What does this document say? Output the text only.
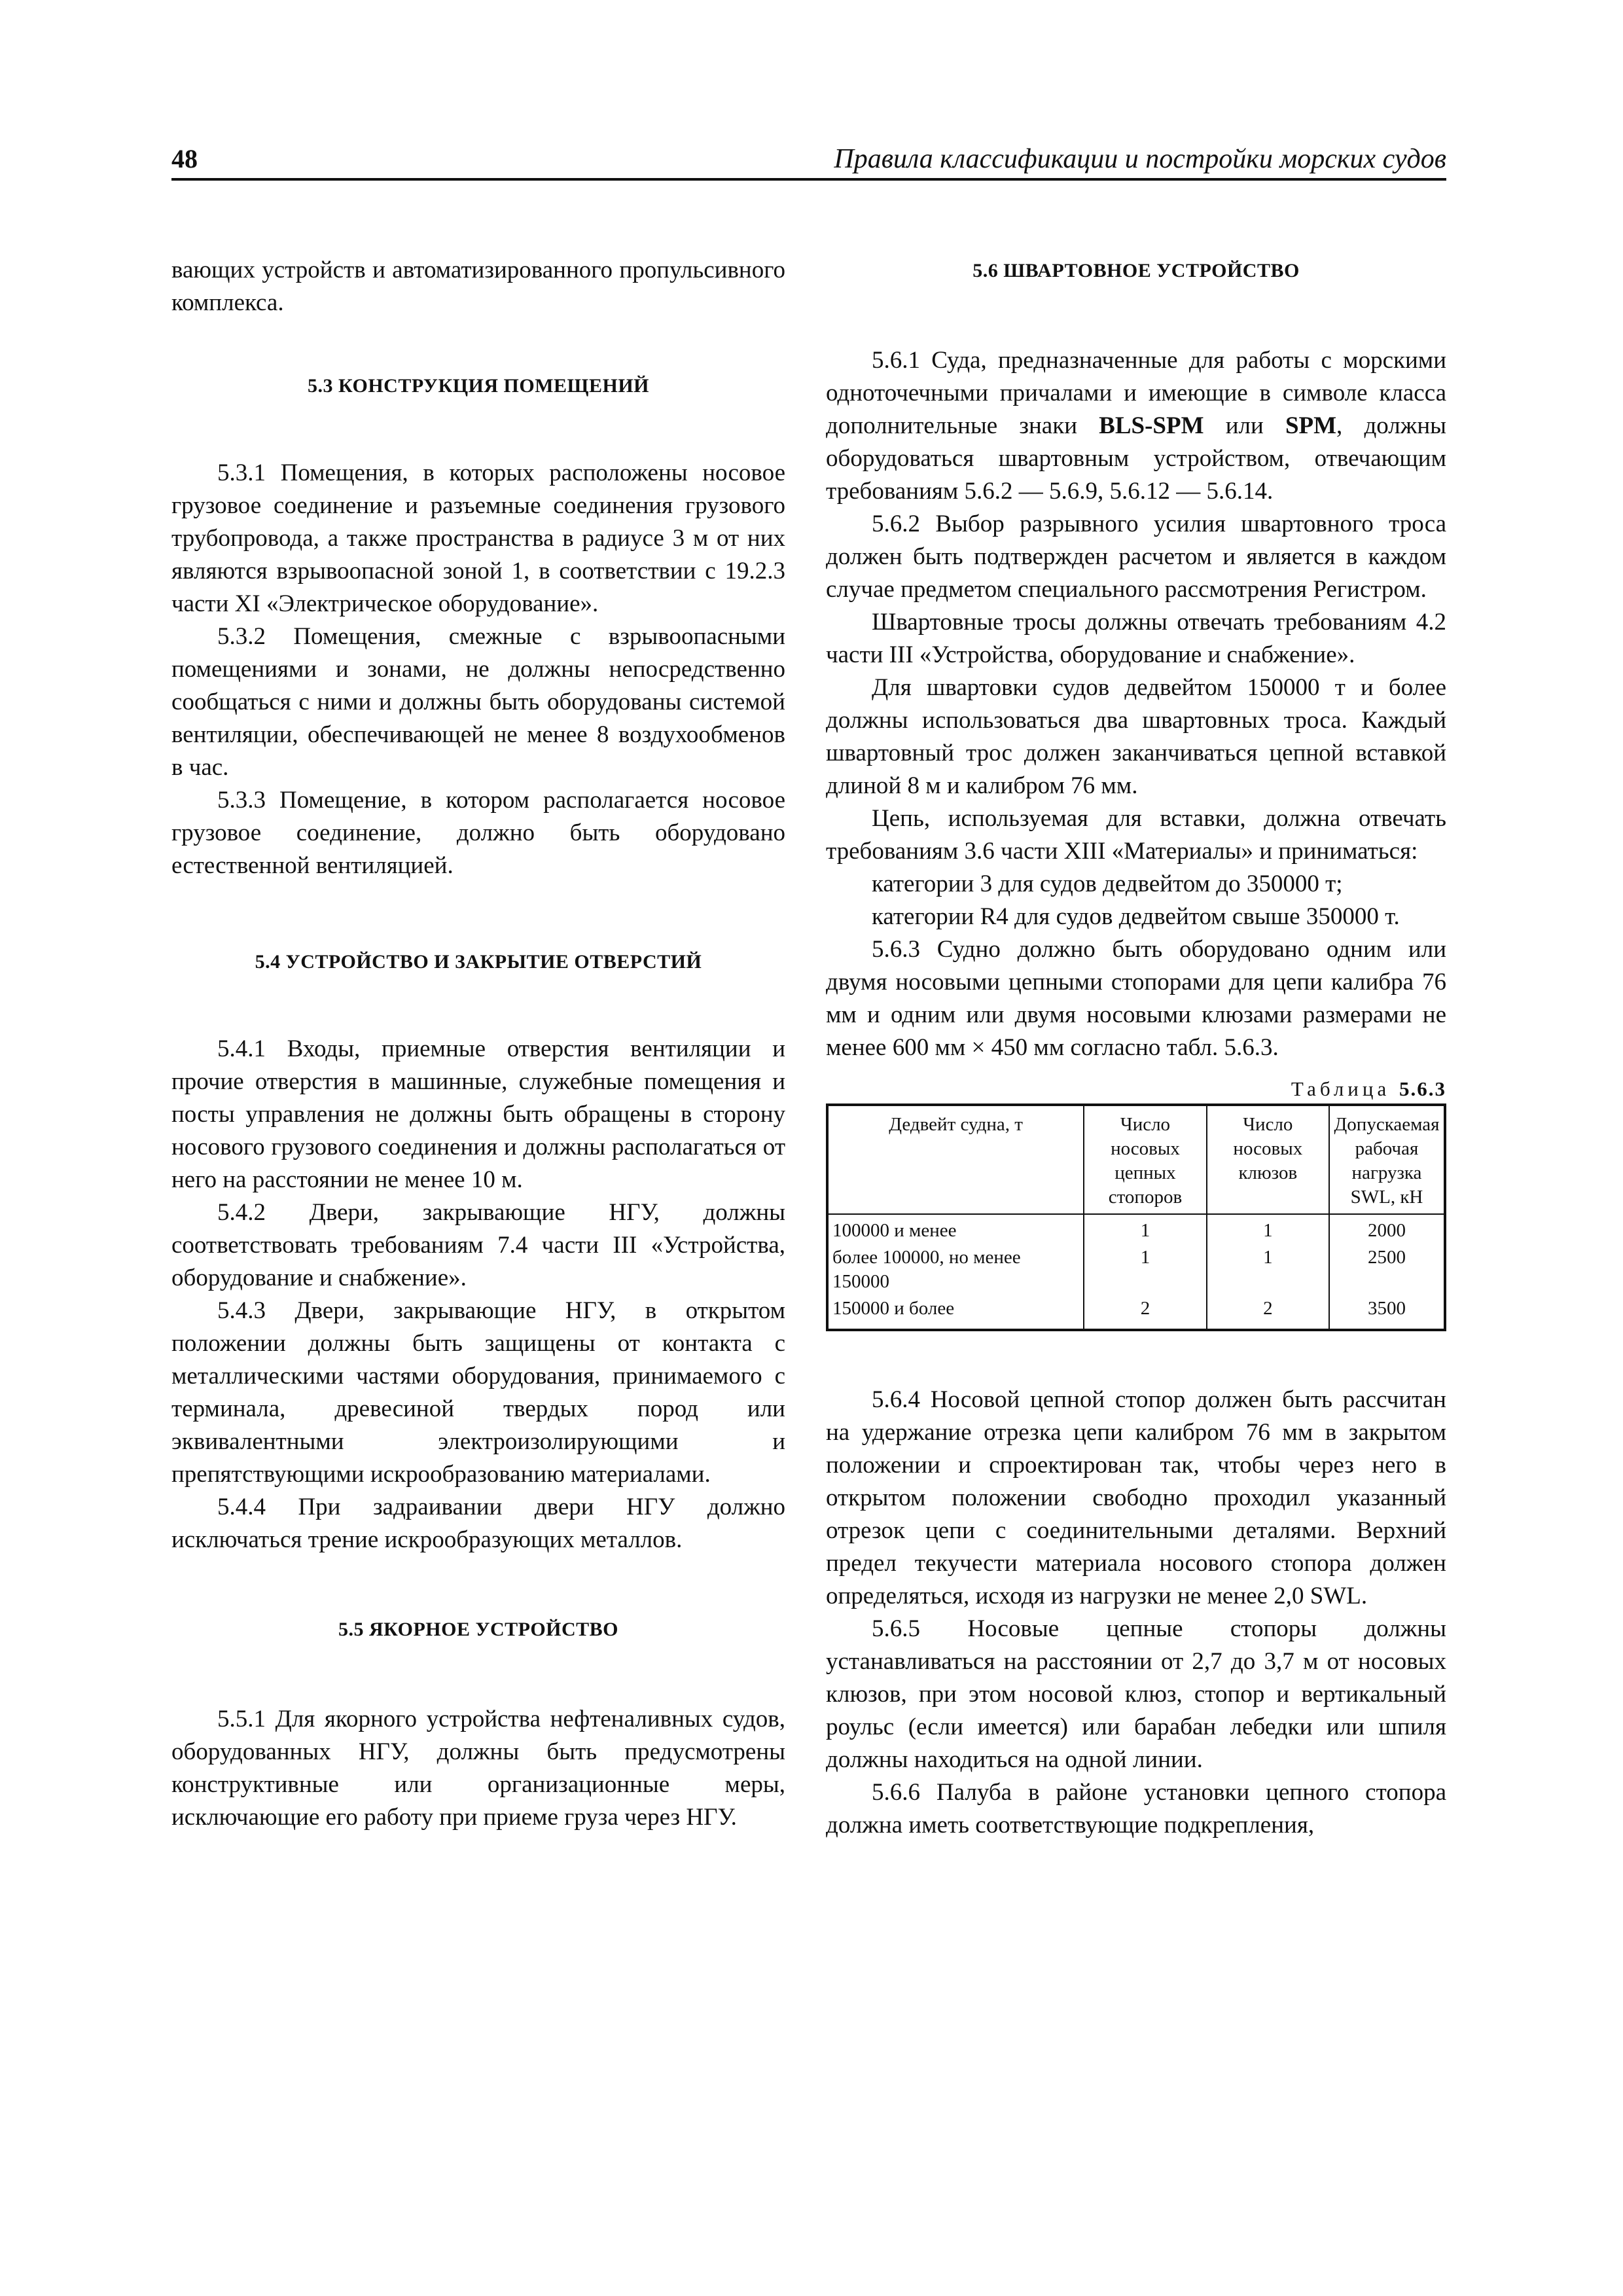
48	Правила классификации и постройки морских судов

вающих устройств и автоматизированного пропульсивного комплекса.

5.3 КОНСТРУКЦИЯ ПОМЕЩЕНИЙ

5.3.1 Помещения, в которых расположены носовое грузовое соединение и разъемные соединения грузового трубопровода, а также пространства в радиусе 3 м от них являются взрывоопасной зоной 1, в соответствии с 19.2.3 части XI «Электрическое оборудование».

5.3.2 Помещения, смежные с взрывоопасными помещениями и зонами, не должны непосредственно сообщаться с ними и должны быть оборудованы системой вентиляции, обеспечивающей не менее 8 воздухообменов в час.

5.3.3 Помещение, в котором располагается носовое грузовое соединение, должно быть оборудовано естественной вентиляцией.

5.4 УСТРОЙСТВО И ЗАКРЫТИЕ ОТВЕРСТИЙ

5.4.1 Входы, приемные отверстия вентиляции и прочие отверстия в машинные, служебные помещения и посты управления не должны быть обращены в сторону носового грузового соединения и должны располагаться от него на расстоянии не менее 10 м.

5.4.2 Двери, закрывающие НГУ, должны соответствовать требованиям 7.4 части III «Устройства, оборудование и снабжение».

5.4.3 Двери, закрывающие НГУ, в открытом положении должны быть защищены от контакта с металлическими частями оборудования, принимаемого с терминала, древесиной твердых пород или эквивалентными электроизолирующими и препятствующими искрообразованию материалами.

5.4.4 При задраивании двери НГУ должно исключаться трение искрообразующих металлов.

5.5 ЯКОРНОЕ УСТРОЙСТВО

5.5.1 Для якорного устройства нефтеналивных судов, оборудованных НГУ, должны быть предусмотрены конструктивные или организационные меры, исключающие его работу при приеме груза через НГУ.

5.6 ШВАРТОВНОЕ УСТРОЙСТВО

5.6.1 Суда, предназначенные для работы с морскими одноточечными причалами и имеющие в символе класса дополнительные знаки BLS-SPM или SPM, должны оборудоваться швартовным устройством, отвечающим требованиям 5.6.2 — 5.6.9, 5.6.12 — 5.6.14.

5.6.2 Выбор разрывного усилия швартовного троса должен быть подтвержден расчетом и является в каждом случае предметом специального рассмотрения Регистром.

Швартовные тросы должны отвечать требованиям 4.2 части III «Устройства, оборудование и снабжение».

Для швартовки судов дедвейтом 150000 т и более должны использоваться два швартовных троса. Каждый швартовный трос должен заканчиваться цепной вставкой длиной 8 м и калибром 76 мм.

Цепь, используемая для вставки, должна отвечать требованиям 3.6 части XIII «Материалы» и приниматься:

категории 3 для судов дедвейтом до 350000 т;

категории R4 для судов дедвейтом свыше 350000 т.

5.6.3 Судно должно быть оборудовано одним или двумя носовыми цепными стопорами для цепи калибра 76 мм и одним или двумя носовыми клюзами размерами не менее 600 мм × 450 мм согласно табл. 5.6.3.

Таблица 5.6.3

Дедвейт судна, т	Число носовых цепных стопоров	Число носовых клюзов	Допускаемая рабочая нагрузка SWL, кН
100000 и менее	1	1	2000
более 100000, но менее 150000	1	1	2500
150000 и более	2	2	3500

5.6.4 Носовой цепной стопор должен быть рассчитан на удержание отрезка цепи калибром 76 мм в закрытом положении и спроектирован так, чтобы через него в открытом положении свободно проходил указанный отрезок цепи с соединительными деталями. Верхний предел текучести материала носового стопора должен определяться, исходя из нагрузки не менее 2,0 SWL.

5.6.5 Носовые цепные стопоры должны устанавливаться на расстоянии от 2,7 до 3,7 м от носовых клюзов, при этом носовой клюз, стопор и вертикальный роульс (если имеется) или барабан лебедки или шпиля должны находиться на одной линии.

5.6.6 Палуба в районе установки цепного стопора должна иметь соответствующие подкрепления,
